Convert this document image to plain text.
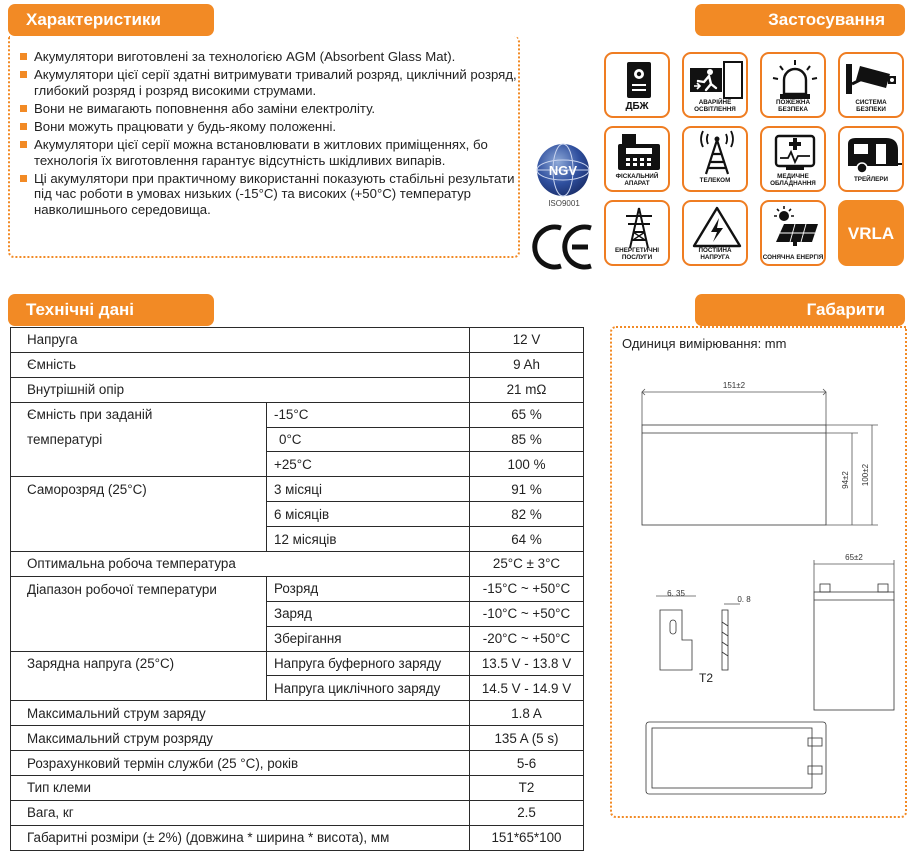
Характеристики
Акумулятори виготовлені за технологією AGM (Absorbent Glass Mat).
Акумулятори цієї серії здатні витримувати тривалий розряд, циклічний розряд, глибокий розряд і розряд високими струмами.
Вони не вимагають поповнення або заміни електроліту.
Вони можуть працювати у будь-якому положенні.
Акумулятори цієї серії можна встановлювати в житлових приміщеннях, бо технологія їх виготовлення гарантує відсутність шкідливих випарів.
Ці акумулятори при практичному використанні показують стабільні результати під час роботи в умовах низьких (-15°C) та високих (+50°C) температур навколишнього середовища.
NGV
ISO9001
Застосування
ДБЖ	АВАРІЙНЕ ОСВІТЛЕННЯ
ПОЖЕЖНА БЕЗПЕКА
СИСТЕМА БЕЗПЕКИ
ФІСКАЛЬНИЙ АПАРАТ	ТЕЛЕКОМ
МЕДИЧНЕ ОБЛАДНАННЯ
ТРЕЙЛЕРИ
ЕНЕРГЕТИЧНІ ПОСЛУГИ
ПОСТІЙНА НАПРУГА	СОНЯЧНА ЕНЕРГІЯ
VRLA
Технічні дані
Напруга		12 V
Ємність		9 Ah
Внутрішній опір		21 mΩ
Ємність при заданій	-15°C	65 %
температурі	0°C	85 %
	+25°C	100 %
Саморозряд (25°C)	3 місяці	91 %
	6 місяців	82 %
	12 місяців	64 %
Оптимальна робоча температура		25°C ± 3°C
Діапазон робочої температури	Розряд	-15°C ~ +50°C
	Заряд	-10°C ~ +50°C
	Зберігання	-20°C ~ +50°C
Зарядна напруга (25°C)	Напруга буферного заряду	13.5 V - 13.8 V
	Напруга циклічного заряду	14.5 V - 14.9 V
Максимальний струм заряду		1.8 A
Максимальний струм розряду		135 A (5 s)
Розрахунковий термін служби (25 °C), років		5-6
Тип клеми		T2
Вага, кг		2.5
Габаритні розміри (± 2%) (довжина * ширина * висота), мм		151*65*100
Габарити
Одиниця вимірювання: mm
151±2
94±2 100±2
65±2
6. 35
0. 8
T2
